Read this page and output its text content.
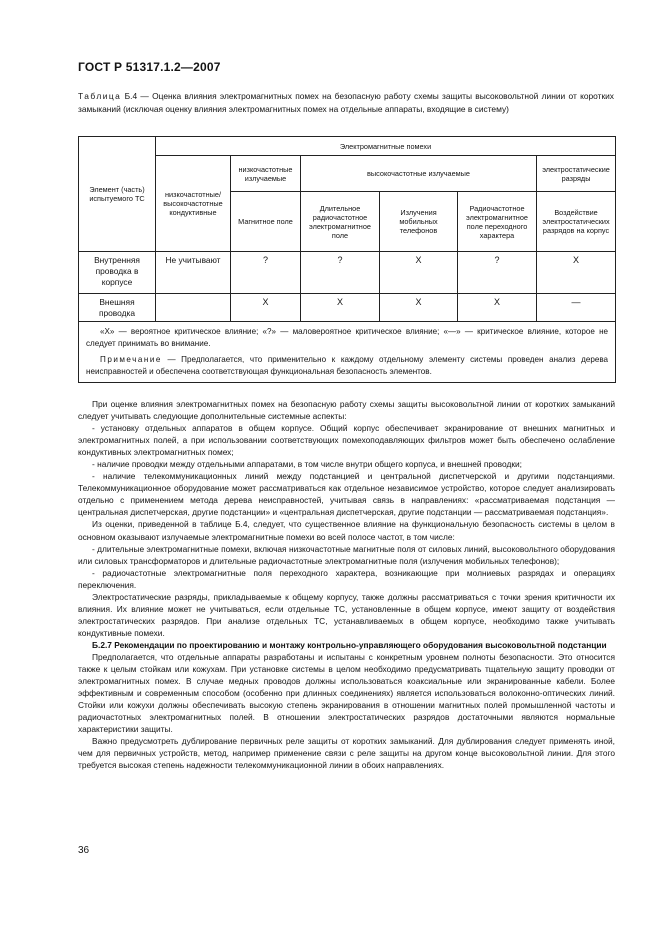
ГОСТ Р 51317.1.2—2007
Таблица Б.4 — Оценка влияния электромагнитных помех на безопасную работу схемы защиты высоковольтной линии от коротких замыканий (исключая оценку влияния электромагнитных помех на отдельные аппараты, входящие в систему)
Элемент (часть) испытуемого ТС	Электромагнитные помехи					
	низкочастотные/высокочастотные кондуктивные	низкочастотные излучаемые	высокочастотные излучаемые			электростатические разряды
		Магнитное поле	Длительное радиочастотное электромагнитное поле	Излучения мобильных телефонов	Радиочастотное электромагнитное поле переходного характера	Воздействие электростатических разрядов на корпус
Внутренняя проводка в корпусе	Не учитывают	?	?	X	?	X
Внешняя проводка		X	X	X	X	—

«X» — вероятное критическое влияние; «?» — маловероятное критическое влияние; «—» — критическое влияние, которое не следует принимать во внимание.

Примечание — Предполагается, что применительно к каждому отдельному элементу системы проведен анализ дерева неисправностей и обеспечена соответствующая функциональная безопасность элементов.						

При оценке влияния электромагнитных помех на безопасную работу схемы защиты высоковольтной линии от коротких замыканий следует учитывать следующие дополнительные системные аспекты:

- установку отдельных аппаратов в общем корпусе. Общий корпус обеспечивает экранирование от внешних магнитных и электромагнитных полей, а при использовании соответствующих помехоподавляющих фильтров может быть обеспечено ослабление кондуктивных электромагнитных помех;

- наличие проводки между отдельными аппаратами, в том числе внутри общего корпуса, и внешней проводки;

- наличие телекоммуникационных линий между подстанцией и центральной диспетчерской и другими подстанциями. Телекоммуникационное оборудование может рассматриваться как отдельное независимое устройство, которое следует анализировать отдельно с применением метода дерева неисправностей, учитывая связь в направлениях: «рассматриваемая подстанция — центральная диспетчерская, другие подстанции» и «центральная диспетчерская, другие подстанции — рассматриваемая подстанция».

Из оценки, приведенной в таблице Б.4, следует, что существенное влияние на функциональную безопасность системы в целом в основном оказывают излучаемые электромагнитные помехи во всей полосе частот, в том числе:

- длительные электромагнитные помехи, включая низкочастотные магнитные поля от силовых линий, высоковольтного оборудования или силовых трансформаторов и длительные радиочастотные электромагнитные поля (излучения мобильных телефонов);

- радиочастотные электромагнитные поля переходного характера, возникающие при молниевых разрядах и операциях переключения.

Электростатические разряды, прикладываемые к общему корпусу, также должны рассматриваться с точки зрения критичности их влияния. Их влияние может не учитываться, если отдельные ТС, установленные в общем корпусе, имеют защиту от воздействия электростатических разрядов. При анализе отдельных ТС, устанавливаемых в общем корпусе, необходимо также учитывать кондуктивные помехи.

Б.2.7 Рекомендации по проектированию и монтажу контрольно-управляющего оборудования высоковольтной подстанции

Предполагается, что отдельные аппараты разработаны и испытаны с конкретным уровнем полноты безопасности. Это относится также к целым стойкам или кожухам. При установке системы в целом необходимо предусматривать тщательную защиту проводки от электромагнитных помех. В случае медных проводов должны использоваться коаксиальные или экранированные кабели. Более эффективным и современным способом (особенно при длинных соединениях) является использоваться волоконно-оптических линий. Стойки или кожухи должны обеспечивать высокую степень экранирования в отношении магнитных полей промышленной частоты и радиочастотных электромагнитных полей. В отношении электростатических разрядов достаточными являются нормальные характеристики защиты.

Важно предусмотреть дублирование первичных реле защиты от коротких замыканий. Для дублирования следует применять иной, чем для первичных устройств, метод, например применение связи с реле защиты на другом конце высоковольтной линии. Для этого требуется высокая степень надежности телекоммуникационной линии в обоих направлениях.

36
